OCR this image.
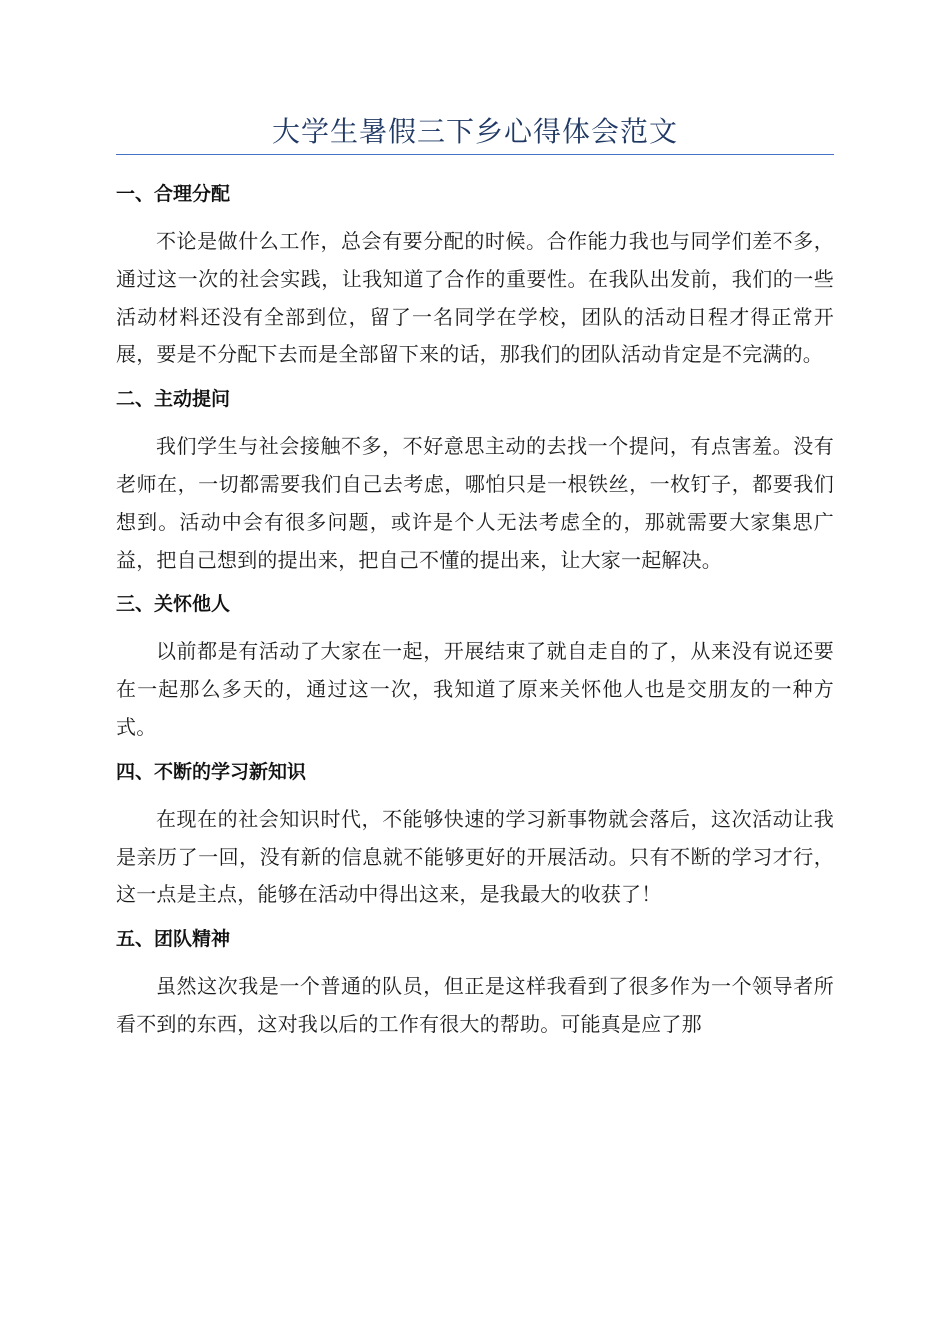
大学生暑假三下乡心得体会范文
一、合理分配

不论是做什么工作，总会有要分配的时候。合作能力我也与同学们差不多，通过这一次的社会实践，让我知道了合作的重要性。在我队出发前，我们的一些活动材料还没有全部到位，留了一名同学在学校，团队的活动日程才得正常开展，要是不分配下去而是全部留下来的话，那我们的团队活动肯定是不完满的。

二、主动提问

我们学生与社会接触不多，不好意思主动的去找一个提问，有点害羞。没有老师在，一切都需要我们自己去考虑，哪怕只是一根铁丝，一枚钉子，都要我们想到。活动中会有很多问题，或许是个人无法考虑全的，那就需要大家集思广益，把自己想到的提出来，把自己不懂的提出来，让大家一起解决。

三、关怀他人

以前都是有活动了大家在一起，开展结束了就自走自的了，从来没有说还要在一起那么多天的，通过这一次，我知道了原来关怀他人也是交朋友的一种方式。

四、不断的学习新知识

在现在的社会知识时代，不能够快速的学习新事物就会落后，这次活动让我是亲历了一回，没有新的信息就不能够更好的开展活动。只有不断的学习才行，这一点是主点，能够在活动中得出这来，是我最大的收获了！

五、团队精神

虽然这次我是一个普通的队员，但正是这样我看到了很多作为一个领导者所看不到的东西，这对我以后的工作有很大的帮助。可能真是应了那
